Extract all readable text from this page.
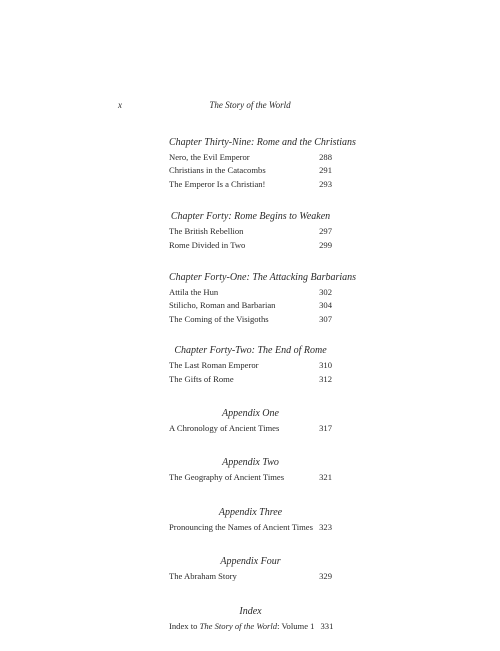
The Story of the World
x
Chapter Thirty-Nine: Rome and the Christians
Nero, the Evil Emperor	288
Christians in the Catacombs	291
The Emperor Is a Christian!	293
Chapter Forty: Rome Begins to Weaken
The British Rebellion	297
Rome Divided in Two	299
Chapter Forty-One: The Attacking Barbarians
Attila the Hun	302
Stilicho, Roman and Barbarian	304
The Coming of the Visigoths	307
Chapter Forty-Two: The End of Rome
The Last Roman Emperor	310
The Gifts of Rome	312
Appendix One
A Chronology of Ancient Times	317
Appendix Two
The Geography of Ancient Times	321
Appendix Three
Pronouncing the Names of Ancient Times 323
Appendix Four
The Abraham Story	329
Index
Index to The Story of the World: Volume 1 331
